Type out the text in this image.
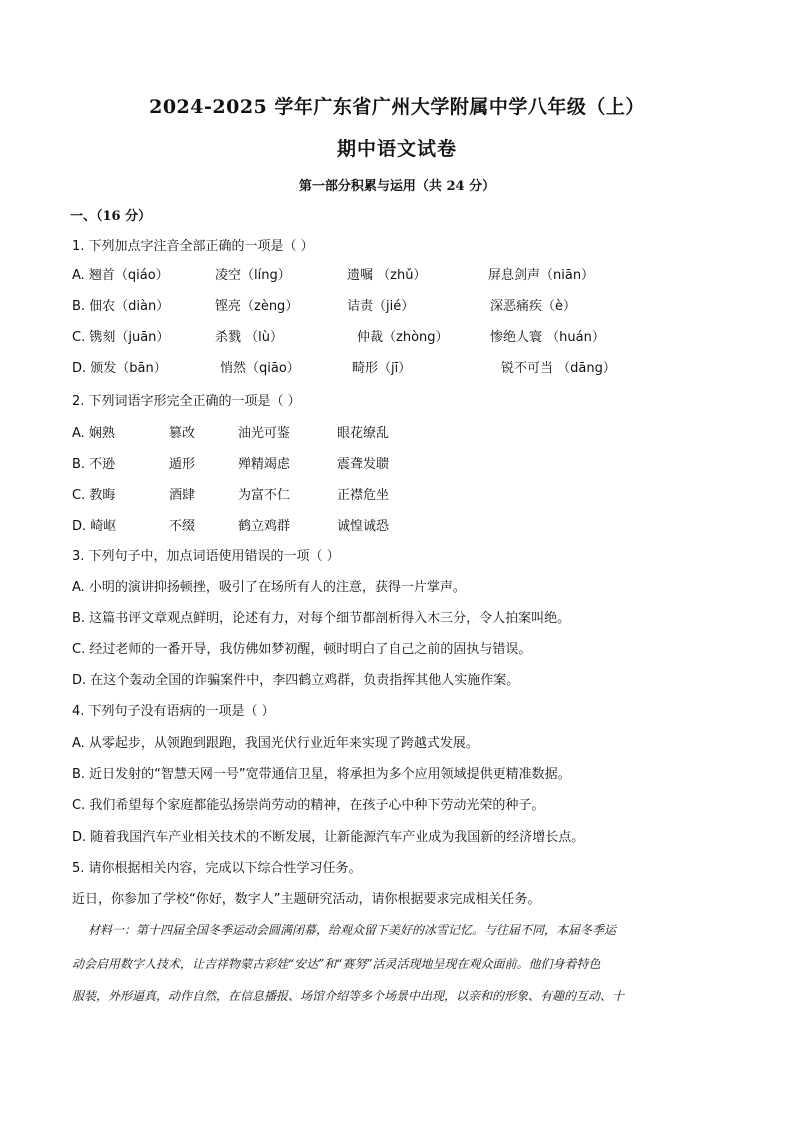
2024-2025 学年广东省广州大学附属中学八年级（上）
期中语文试卷
第一部分积累与运用（共 24 分）
一、（16 分）
1. 下列加点字注音全部正确的一项是（ ）
A. 翘首（qiáo）	凌空（líng）	遗嘱 （zhǔ）	屏息剑声（niān）
B. 佃农（diàn）	铿亮（zèng）	诘责（jié）	深恶痛疾（è）
C. 镌刻（juān）	杀戮 （lù）	仲裁（zhòng）	惨绝人寰 （huán）
D. 颁发（bān）	悄然（qiāo）	畸形（jī）	锐不可当 （dāng）
2. 下列词语字形完全正确的一项是（ ）
A. 娴熟	篡改	油光可鉴	眼花缭乱
B. 不逊	遁形	殚精竭虑	震聋发聩
C. 教晦	酒肆	为富不仁	正襟危坐
D. 崎岖	不缀	鹤立鸡群	诚惶诚恐
3. 下列句子中，加点词语使用错误的一项（ ）
A. 小明的演讲抑扬顿挫，吸引了在场所有人的注意，获得一片掌声。
B. 这篇书评文章观点鲜明，论述有力，对每个细节都剖析得入木三分，令人拍案叫绝。
C. 经过老师的一番开导，我仿佛如梦初醒，顿时明白了自己之前的固执与错误。
D. 在这个轰动全国的诈骗案件中，李四鹤立鸡群，负责指挥其他人实施作案。
4. 下列句子没有语病的一项是（ ）
A. 从零起步，从领跑到跟跑，我国光伏行业近年来实现了跨越式发展。
B. 近日发射的“智慧天网一号”宽带通信卫星，将承担为多个应用领域提供更精准数据。
C. 我们希望每个家庭都能弘扬崇尚劳动的精神，在孩子心中种下劳动光荣的种子。
D. 随着我国汽车产业相关技术的不断发展，让新能源汽车产业成为我国新的经济增长点。
5. 请你根据相关内容，完成以下综合性学习任务。
近日，你参加了学校“你好，数字人”主题研究活动，请你根据要求完成相关任务。
材料一：第十四届全国冬季运动会圆满闭幕，给观众留下美好的冰雪记忆。与往届不同，本届冬季运
动会启用数字人技术，让吉祥物蒙古彩娃“安达”和“赛努”活灵活现地呈现在观众面前。他们身着特色
服装，外形逼真，动作自然，在信息播报、场馆介绍等多个场景中出现，以亲和的形象、有趣的互动、十
